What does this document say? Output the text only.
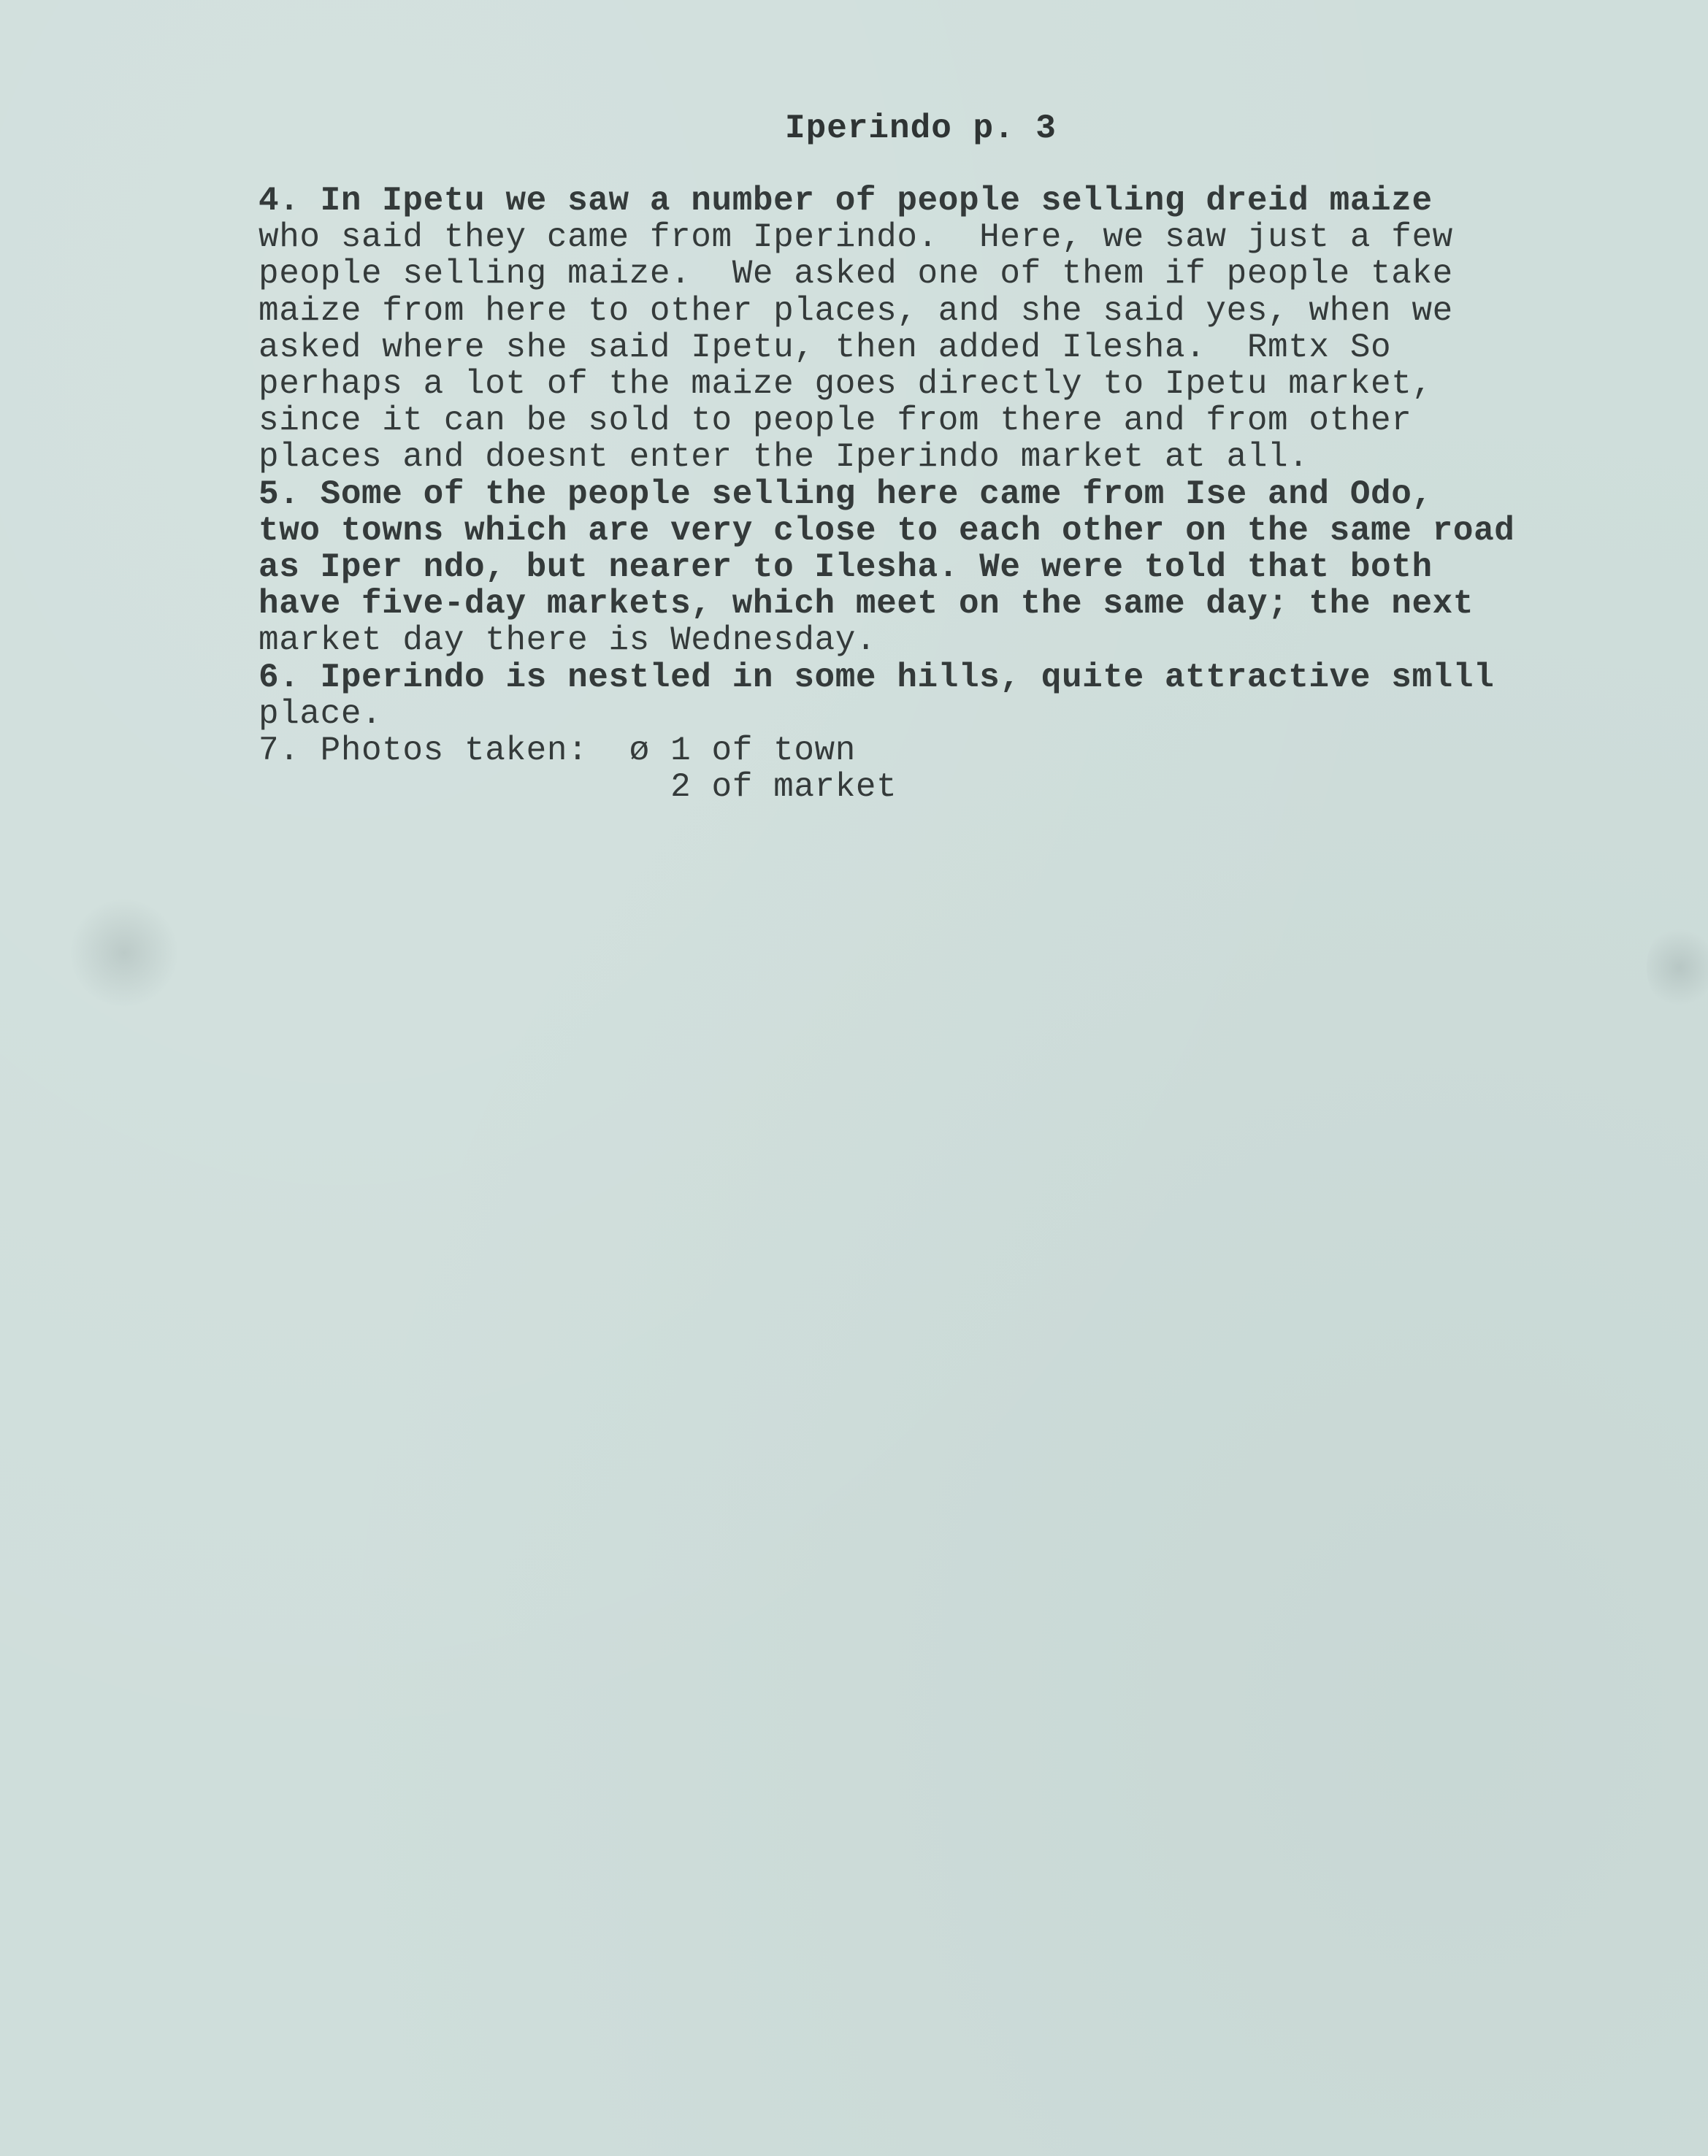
Iperindo p. 3
4. In Ipetu we saw a number of people selling dreid maize
who said they came from Iperindo.  Here, we saw just a few
people selling maize.  We asked one of them if people take
maize from here to other places, and she said yes, when we
asked where she said Ipetu, then added Ilesha.  Rmtx So
perhaps a lot of the maize goes directly to Ipetu market,
since it can be sold to people from there and from other
places and doesnt enter the Iperindo market at all.
5. Some of the people selling here came from Ise and Odo,
two towns which are very close to each other on the same road
as Iper ndo, but nearer to Ilesha. We were told that both
have five-day markets, which meet on the same day; the next
market day there is Wednesday.
6. Iperindo is nestled in some hills, quite attractive smlll
place.
7. Photos taken:  ø 1 of town
2 of market
